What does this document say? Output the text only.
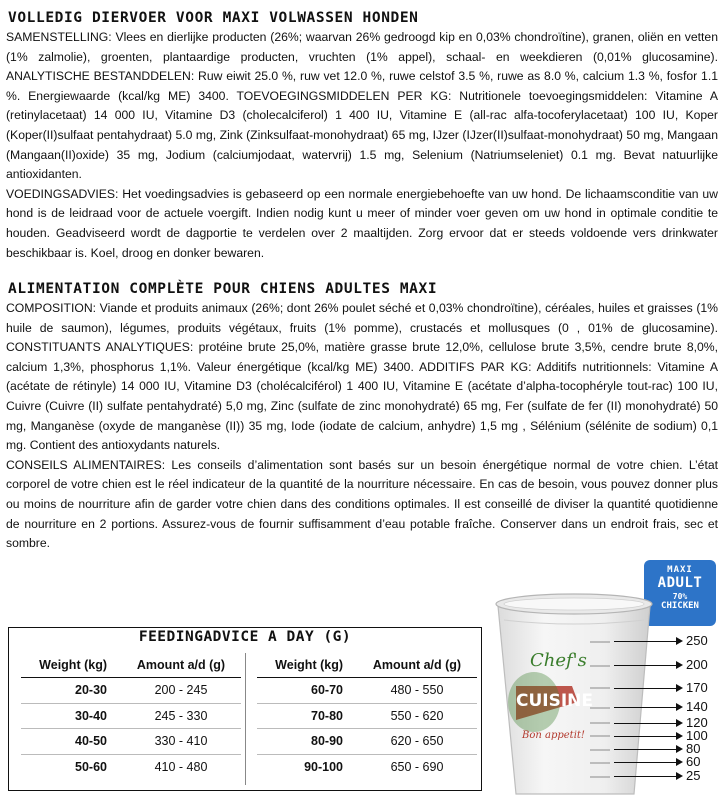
VOLLEDIG DIERVOER VOOR MAXI VOLWASSEN HONDEN

SAMENSTELLING: Vlees en dierlijke producten (26%; waarvan 26% gedroogd kip en 0,03% chondroïtine), granen, oliën en vetten (1% zalmolie), groenten, plantaardige producten, vruchten (1% appel), schaal- en weekdieren (0,01% glucosamine). ANALYTISCHE BESTANDDELEN: Ruw eiwit 25.0 %, ruw vet 12.0 %, ruwe celstof 3.5 %, ruwe as 8.0 %, calcium 1.3 %, fosfor 1.1 %. Energiewaarde (kcal/kg ME) 3400. TOEVOEGINGSMIDDELEN PER KG: Nutritionele toevoegingsmiddelen: Vitamine A (retinylacetaat) 14 000 IU, Vitamine D3 (cholecalciferol) 1 400 IU, Vitamine E (all-rac alfa-tocoferylacetaat) 100 IU, Koper (Koper(II)sulfaat pentahydraat) 5.0 mg, Zink (Zinksulfaat-monohydraat) 65 mg, IJzer (IJzer(II)sulfaat-monohydraat) 50 mg, Mangaan (Mangaan(II)oxide) 35 mg, Jodium (calciumjodaat, watervrij) 1.5 mg, Selenium (Natriumseleniet) 0.1 mg. Bevat natuurlijke antioxidanten.

VOEDINGSADVIES: Het voedingsadvies is gebaseerd op een normale energiebehoefte van uw hond. De lichaamsconditie van uw hond is de leidraad voor de actuele voergift. Indien nodig kunt u meer of minder voer geven om uw hond in optimale conditie te houden. Geadviseerd wordt de dagportie te verdelen over 2 maaltijden. Zorg ervoor dat er steeds voldoende vers drinkwater beschikbaar is. Koel, droog en donker bewaren.

ALIMENTATION COMPLÈTE POUR CHIENS ADULTES MAXI

COMPOSITION: Viande et produits animaux (26%; dont 26% poulet séché et 0,03% chondroïtine), céréales, huiles et graisses (1% huile de saumon), légumes, produits végétaux, fruits (1% pomme), crustacés et mollusques (0 , 01% de glucosamine). CONSTITUANTS ANALYTIQUES: protéine brute 25,0%, matière grasse brute 12,0%, cellulose brute 3,5%, cendre brute 8,0%, calcium 1,3%, phosphorus 1,1%. Valeur énergétique (kcal/kg ME) 3400. ADDITIFS PAR KG: Additifs nutritionnels: Vitamine A (acétate de rétinyle) 14 000 IU, Vitamine D3 (cholécalciférol) 1 400 IU, Vitamine E (acétate d’alpha-tocophéryle tout-rac) 100 IU, Cuivre (Cuivre (II) sulfate pentahydraté) 5,0 mg, Zinc (sulfate de zinc monohydraté) 65 mg, Fer (sulfate de fer (II) monohydraté) 50 mg, Manganèse (oxyde de manganèse (II)) 35 mg, Iode (iodate de calcium, anhydre) 1,5 mg , Sélénium (sélénite de sodium) 0,1 mg. Contient des antioxydants naturels.

CONSEILS ALIMENTAIRES: Les conseils d’alimentation sont basés sur un besoin énergétique normal de votre chien. L’état corporel de votre chien est le réel indicateur de la quantité de la nourriture nécessaire. En cas de besoin, vous pouvez donner plus ou moins de nourriture afin de garder votre chien dans des conditions optimales. Il est conseillé de diviser la quantité quotidienne de nourriture en 2 portions. Assurez-vous de fournir suffisamment d’eau potable fraîche. Conserver dans un endroit frais, sec et sombre.

FEEDINGADVICE A DAY (G)
Weight (kg)	Amount a/d (g)
20-30	200 - 245
30-40	245 - 330
40-50	330 - 410
50-60	410 - 480
Weight (kg)	Amount a/d (g)
60-70	480 - 550
70-80	550 - 620
80-90	620 - 650
90-100	650 - 690
MAXI
ADULT
70%
CHICKEN
Chef's
CUISINE
Bon appetit!
250
200
170
140
120
100
80
60
25
